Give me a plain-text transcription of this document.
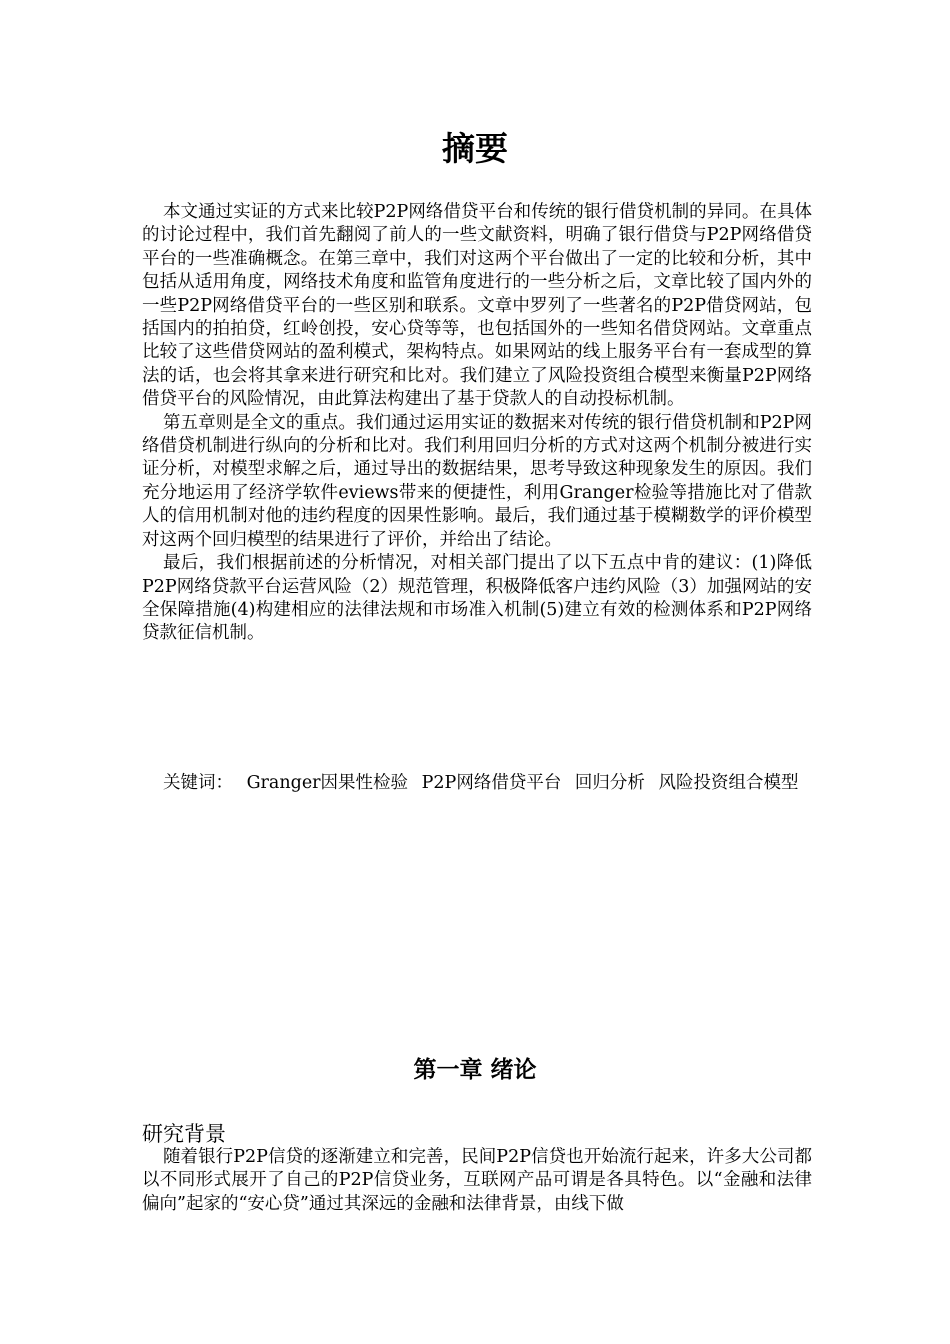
摘要

本文通过实证的方式来比较P2P网络借贷平台和传统的银行借贷机制的异同。在具体的讨论过程中，我们首先翻阅了前人的一些文献资料，明确了银行借贷与P2P网络借贷平台的一些准确概念。在第三章中，我们对这两个平台做出了一定的比较和分析，其中包括从适用角度，网络技术角度和监管角度进行的一些分析之后，文章比较了国内外的一些P2P网络借贷平台的一些区别和联系。文章中罗列了一些著名的P2P借贷网站，包括国内的拍拍贷，红岭创投，安心贷等等，也包括国外的一些知名借贷网站。文章重点比较了这些借贷网站的盈利模式，架构特点。如果网站的线上服务平台有一套成型的算法的话，也会将其拿来进行研究和比对。我们建立了风险投资组合模型来衡量P2P网络借贷平台的风险情况，由此算法构建出了基于贷款人的自动投标机制。

第五章则是全文的重点。我们通过运用实证的数据来对传统的银行借贷机制和P2P网络借贷机制进行纵向的分析和比对。我们利用回归分析的方式对这两个机制分被进行实证分析，对模型求解之后，通过导出的数据结果，思考导致这种现象发生的原因。我们充分地运用了经济学软件eviews带来的便捷性，利用Granger检验等措施比对了借款人的信用机制对他的违约程度的因果性影响。最后，我们通过基于模糊数学的评价模型对这两个回归模型的结果进行了评价，并给出了结论。

最后，我们根据前述的分析情况，对相关部门提出了以下五点中肯的建议：(1)降低P2P网络贷款平台运营风险（2）规范管理，积极降低客户违约风险（3）加强网站的安全保障措施(4)构建相应的法律法规和市场准入机制(5)建立有效的检测体系和P2P网络贷款征信机制。

关键词： Granger因果性检验 P2P网络借贷平台 回归分析 风险投资组合模型

第一章 绪论
研究背景

随着银行P2P信贷的逐渐建立和完善，民间P2P信贷也开始流行起来，许多大公司都以不同形式展开了自己的P2P信贷业务，互联网产品可谓是各具特色。以“金融和法律偏向”起家的“安心贷”通过其深远的金融和法律背景，由线下做
